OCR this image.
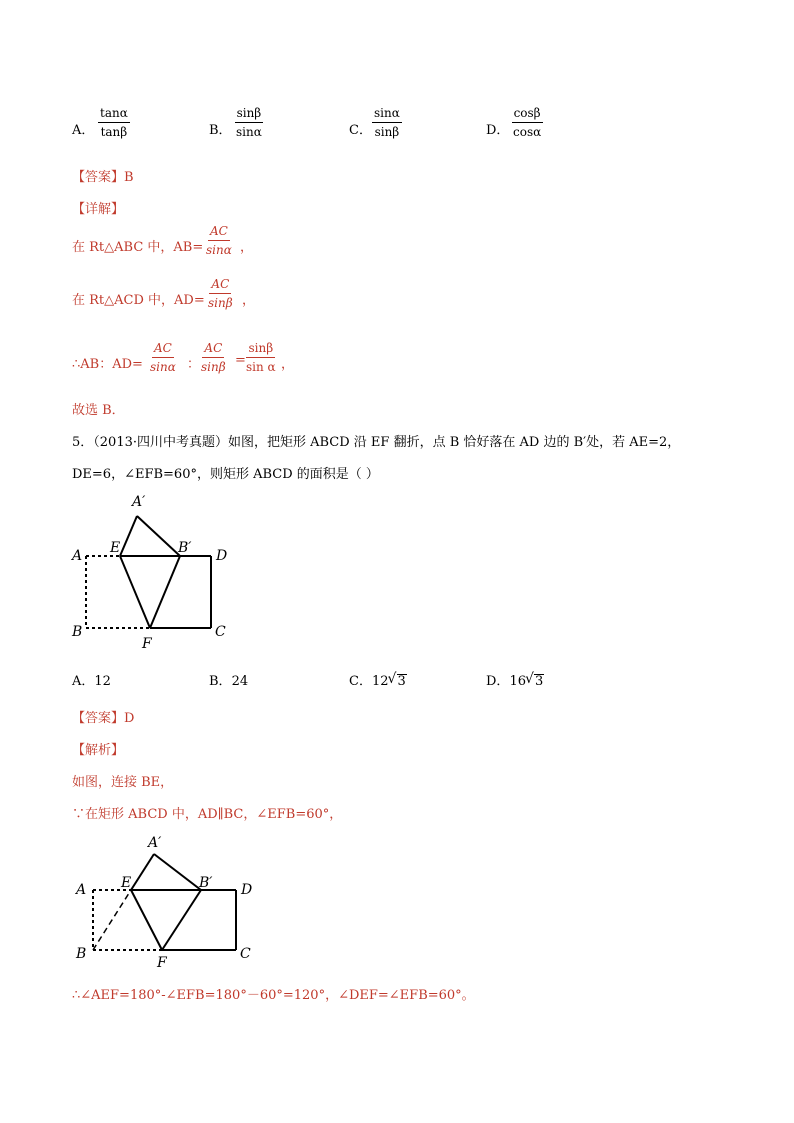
A． $\frac{\tan\alpha}{\tan\beta}$	B． $\frac{\sin\beta}{\sin\alpha}$	C． $\frac{\sin\alpha}{\sin\beta}$	D． $\frac{\cos\beta}{\cos\alpha}$
【答案】B
【详解】
在 Rt△ABC 中，$AB= \frac{AC}{\sin\alpha}$ ，
在 Rt△ACD 中，$AD= \frac{AC}{\sin\beta}$ ，
∴AB：$AD= \frac{AC}{\sin\alpha}$ ：
$\frac{AC}{\sin\beta}$ =
$\frac{\sin\beta}{\text{sin α}}$ ，
故选 B．
5．（2013·四川中考真题）如图，把矩形 ABCD 沿 EF 翻折，点 B 恰好落在 AD 边的 B′处，若 AE=2，
DE=6，∠EFB=60°，则矩形 ABCD 的面积是（ ）
A′
A E	B′ D
B
F
C
A．12	B．24	C．12 √ 3	D．16 √ 3
【答案】D
【解析】
如图，连接 BE，
∵在矩形 ABCD 中，AD∥BC，∠EFB=60°，
A′
A E	B′ D
B
F
C
∴∠AEF=180°-∠EFB=180°－60°=120°，∠DEF=∠EFB=60°。
